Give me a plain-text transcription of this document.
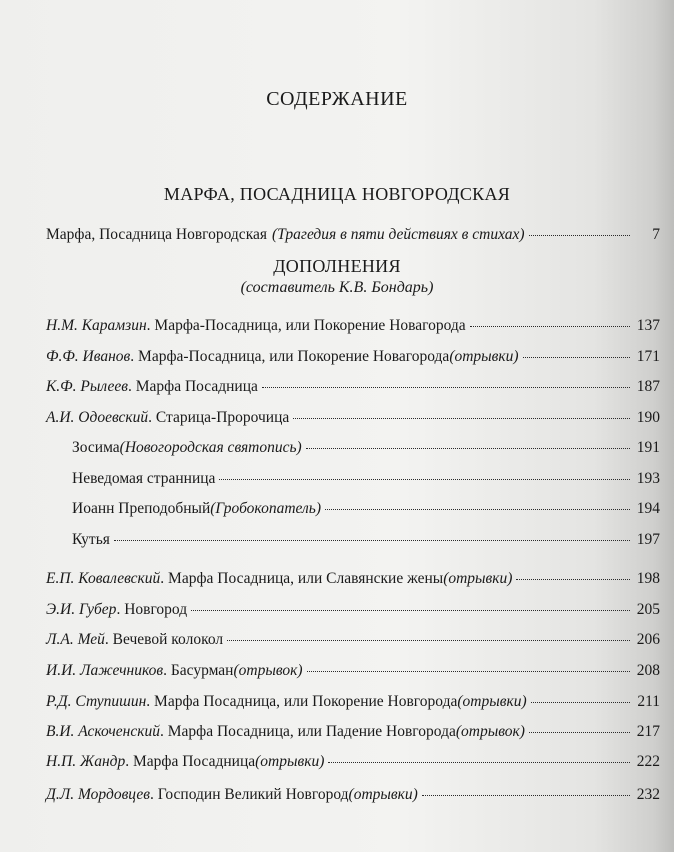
СОДЕРЖАНИЕ
МАРФА, ПОСАДНИЦА НОВГОРОДСКАЯ
Марфа, Посадница Новгородская (Трагедия в пяти действиях в стихах)	7
ДОПОЛНЕНИЯ
(составитель К.В. Бондарь)
Н.М. Карамзин . Марфа-Посадница, или Покорение Новагорода	137
Ф.Ф. Иванов . Марфа-Посадница, или Покорение Новагорода (отрывки)	171
К.Ф. Рылеев . Марфа Посадница	187
А.И. Одоевский . Старица-Пророчица	190
Зосима (Новогородская святопись)	191
Неведомая странница	193
Иоанн Преподобный (Гробокопатель)	194
Кутья	197
Е.П. Ковалевский . Марфа Посадница, или Славянские жены (отрывки)	198
Э.И. Губер . Новгород	205
Л.А. Мей . Вечевой колокол	206
И.И. Лажечников . Басурман (отрывок)	208
Р.Д. Ступишин . Марфа Посадница, или Покорение Новгорода (отрывки)	211
В.И. Аскоченский . Марфа Посадница, или Падение Новгорода (отрывок)	217
Н.П. Жандр . Марфа Посадница (отрывки)	222
Д.Л. Мордовцев . Господин Великий Новгород (отрывки)	232
